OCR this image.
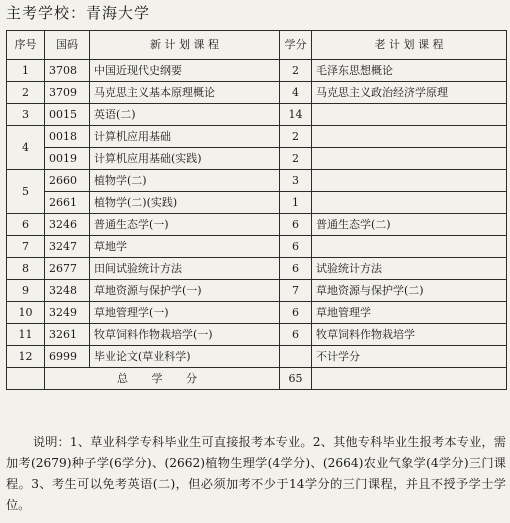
主考学校：青海大学
序号	国码	新 计 划 课 程	学分	老 计 划 课 程
1	3708	中国近现代史纲要	2	毛泽东思想概论
2	3709	马克思主义基本原理概论	4	马克思主义政治经济学原理
3	0015	英语(二)	14	
4	0018	计算机应用基础	2	
	0019	计算机应用基础(实践)	2	
5	2660	植物学(二)	3	
	2661	植物学(二)(实践)	1	
6	3246	普通生态学(一)	6	普通生态学(二)
7	3247	草地学	6	
8	2677	田间试验统计方法	6	试验统计方法
9	3248	草地资源与保护学(一)	7	草地资源与保护学(二)
10	3249	草地管理学(一)	6	草地管理学
11	3261	牧草饲料作物栽培学(一)	6	牧草饲料作物栽培学
12	6999	毕业论文(草业科学)		不计学分
	总 学 分		65	
说明：1、草业科学专科毕业生可直接报考本专业。2、其他专科毕业生报考本专业，需加考(2679)种子学(6学分)、(2662)植物生理学(4学分)、(2664)农业气象学(4学分)三门课程。3、考生可以免考英语(二)，但必须加考不少于14学分的三门课程，并且不授予学士学位。
